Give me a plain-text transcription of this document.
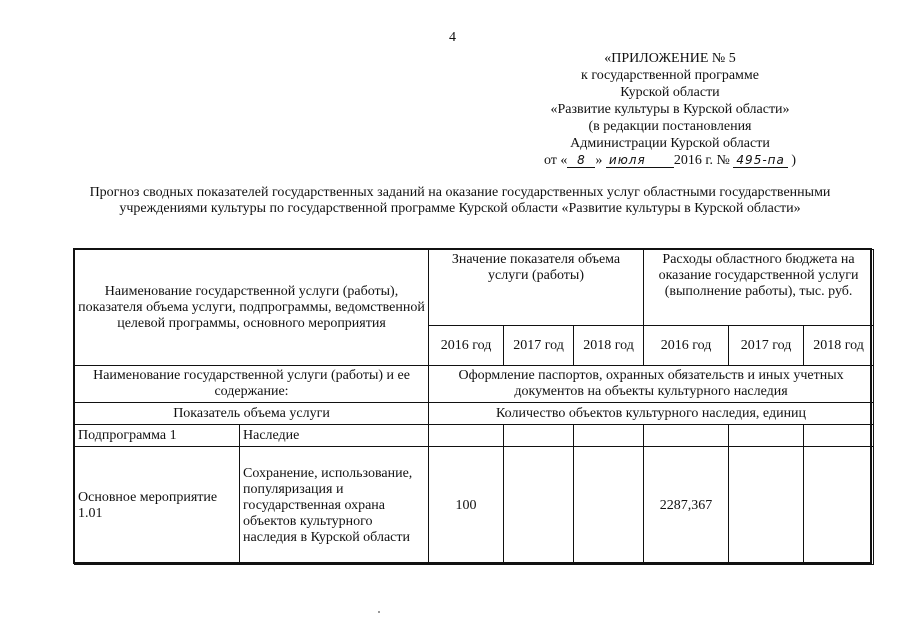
4
«ПРИЛОЖЕНИЕ № 5
к государственной программе
Курской области
«Развитие культуры в Курской области»
(в редакции постановления
Администрации Курской области
от « 8 » июля 2016 г. № 495-па )
Прогноз сводных показателей государственных заданий на оказание государственных услуг областными государственными учреждениями культуры по государственной программе Курской области «Развитие культуры в Курской области»
Наименование государственной услуги (работы), показателя объема услуги, подпрограммы, ведомственной целевой программы, основного мероприятия		Значение показателя объема услуги (работы)			Расходы областного бюджета на оказание государственной услуги (выполнение работы), тыс. руб.		
		2016 год	2017 год	2018 год	2016 год	2017 год	2018 год
Наименование государственной услуги (работы) и ее содержание:		Оформление паспортов, охранных обязательств и иных учетных документов на объекты культурного наследия					
Показатель объема услуги		Количество объектов культурного наследия, единиц					
Подпрограмма 1	Наследие						
Основное мероприятие 1.01	Сохранение, использование, популяризация и государственная охрана объектов культурного наследия в Курской области	100			2287,367		
